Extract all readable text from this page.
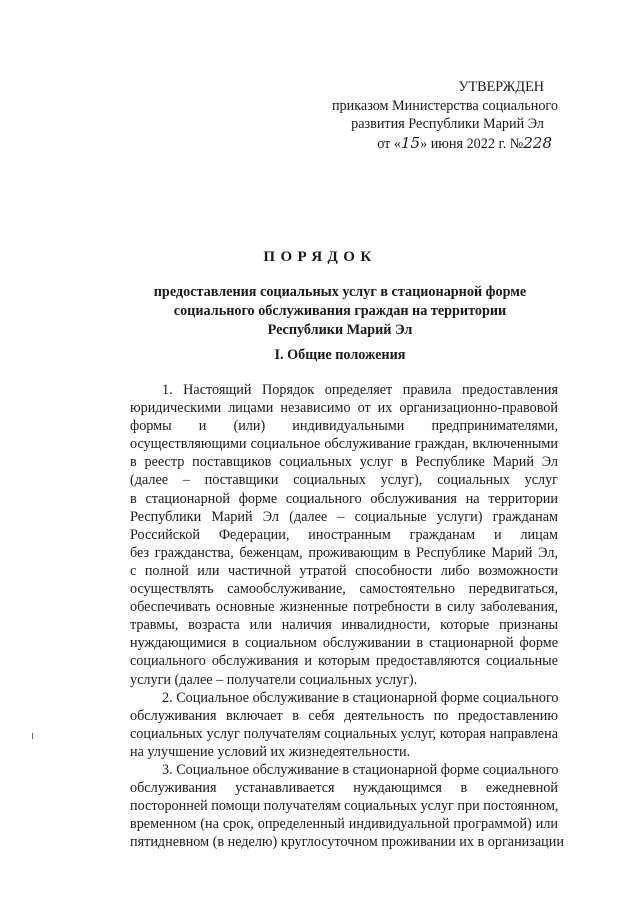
УТВЕРЖДЕН
приказом Министерства социального
развития Республики Марий Эл
от «15» июня 2022 г. №228
ПОРЯДОК
предоставления социальных услуг в стационарной форме
социального обслуживания граждан на территории
Республики Марий Эл
I. Общие положения
1. Настоящий Порядок определяет правила предоставления
юридическими лицами независимо от их организационно-правовой
формы и (или) индивидуальными предпринимателями,
осуществляющими социальное обслуживание граждан, включенными
в реестр поставщиков социальных услуг в Республике Марий Эл
(далее – поставщики социальных услуг), социальных услуг
в стационарной форме социального обслуживания на территории
Республики Марий Эл (далее – социальные услуги) гражданам
Российской Федерации, иностранным гражданам и лицам
без гражданства, беженцам, проживающим в Республике Марий Эл,
с полной или частичной утратой способности либо возможности
осуществлять самообслуживание, самостоятельно передвигаться,
обеспечивать основные жизненные потребности в силу заболевания,
травмы, возраста или наличия инвалидности, которые признаны
нуждающимися в социальном обслуживании в стационарной форме
социального обслуживания и которым предоставляются социальные
услуги (далее – получатели социальных услуг).
2. Социальное обслуживание в стационарной форме социального
обслуживания включает в себя деятельность по предоставлению
социальных услуг получателям социальных услуг, которая направлена
на улучшение условий их жизнедеятельности.
3. Социальное обслуживание в стационарной форме социального
обслуживания устанавливается нуждающимся в ежедневной
посторонней помощи получателям социальных услуг при постоянном,
временном (на срок, определенный индивидуальной программой) или
пятидневном (в неделю) круглосуточном проживании их в организации
